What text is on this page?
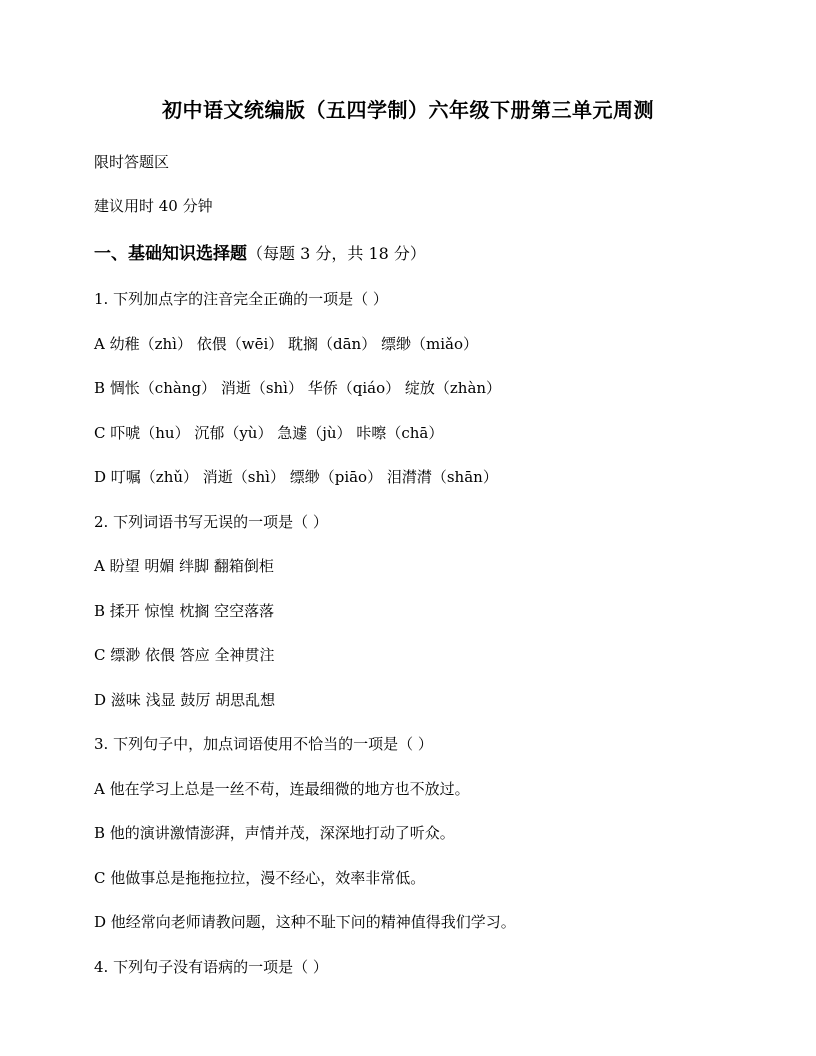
初中语文统编版（五四学制）六年级下册第三单元周测
限时答题区
建议用时 40 分钟
一、基础知识选择题（每题 3 分，共 18 分）
1. 下列加点字的注音完全正确的一项是（ ）
A 幼稚（zhì） 依偎（wēi） 耽搁（dān） 缥缈（miǎo）
B 惆怅（chàng） 消逝（shì） 华侨（qiáo） 绽放（zhàn）
C 吓唬（hu） 沉郁（yù） 急遽（jù） 咔嚓（chā）
D 叮嘱（zhǔ） 消逝（shì） 缥缈（piāo） 泪潸潸（shān）
2. 下列词语书写无误的一项是（ ）
A 盼望 明媚 绊脚 翻箱倒柜
B 揉开 惊惶 枕搁 空空落落
C 缥渺 依偎 答应 全神贯注
D 滋味 浅显 鼓厉 胡思乱想
3. 下列句子中，加点词语使用不恰当的一项是（ ）
A 他在学习上总是一丝不苟，连最细微的地方也不放过。
B 他的演讲激情澎湃，声情并茂，深深地打动了听众。
C 他做事总是拖拖拉拉，漫不经心，效率非常低。
D 他经常向老师请教问题，这种不耻下问的精神值得我们学习。
4. 下列句子没有语病的一项是（ ）
